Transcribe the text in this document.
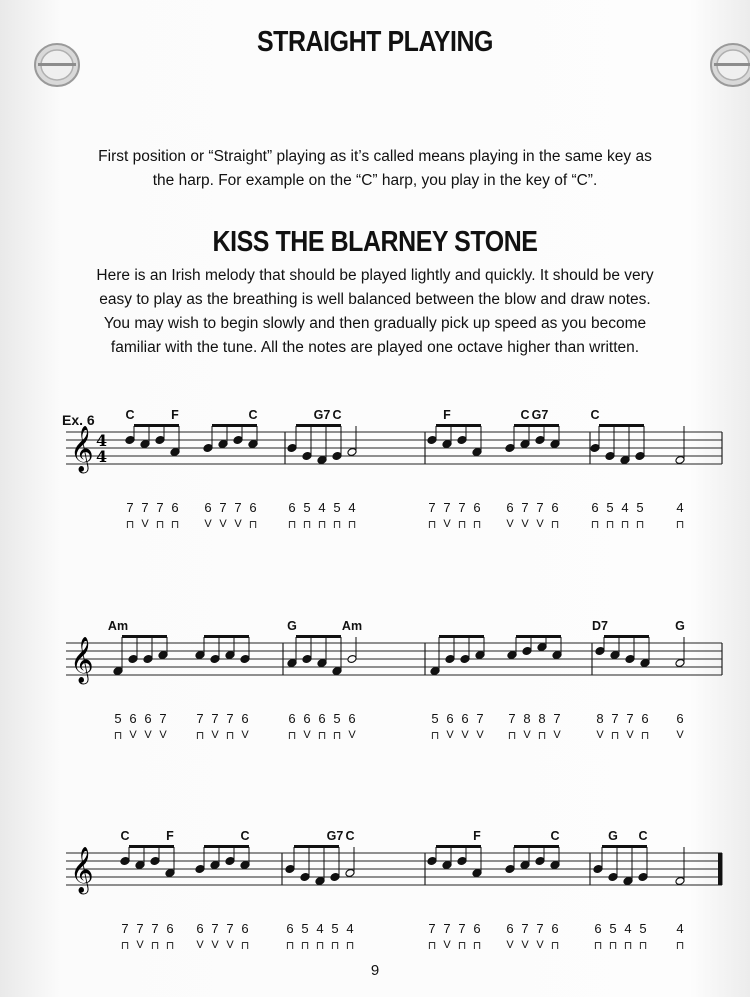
STRAIGHT PLAYING
First position or “Straight” playing as it’s called means playing in the same key as
the harp. For example on the “C” harp, you play in the key of “C”.
KISS THE BLARNEY STONE
Here is an Irish melody that should be played lightly and quickly. It should be very
easy to play as the breathing is well balanced between the blow and draw notes.
You may wish to begin slowly and then gradually pick up speed as you become
familiar with the tune. All the notes are played one octave higher than written.
Ex. 6
𝄞 4
4
𝄞
𝄞
9
C	F	C	G7 C	F	C G7	C
7 7 7 6 6 7 7 6 6 5 4 5 4	7 7 7 6 6 7 7 6	6 5 4 5	4
⊓ V ⊓ ⊓	V V V ⊓	⊓ ⊓ ⊓ ⊓ ⊓	⊓ V ⊓ ⊓	V V V ⊓	⊓ ⊓ ⊓ ⊓	⊓
Am	G	Am	D7	G
5 6 6 7 7 7 7 6	6 6 6 5 6	5 6 6 7 7 8 8 7	8 7 7 6 6
⊓ V V V	⊓ V ⊓ V	⊓ V ⊓ ⊓ V	⊓ V V V	⊓ V ⊓ V	V ⊓ V ⊓	V
C	F	C	G7 C	F	C	G C
7 7 7 6 6 7 7 6	6 5 4 5 4	7 7 7 6 6 7 7 6	6 5 4 5 4
⊓ V ⊓ ⊓	V V V ⊓	⊓ ⊓ ⊓ ⊓ ⊓	⊓ V ⊓ ⊓	V V V ⊓	⊓ ⊓ ⊓ ⊓	⊓
